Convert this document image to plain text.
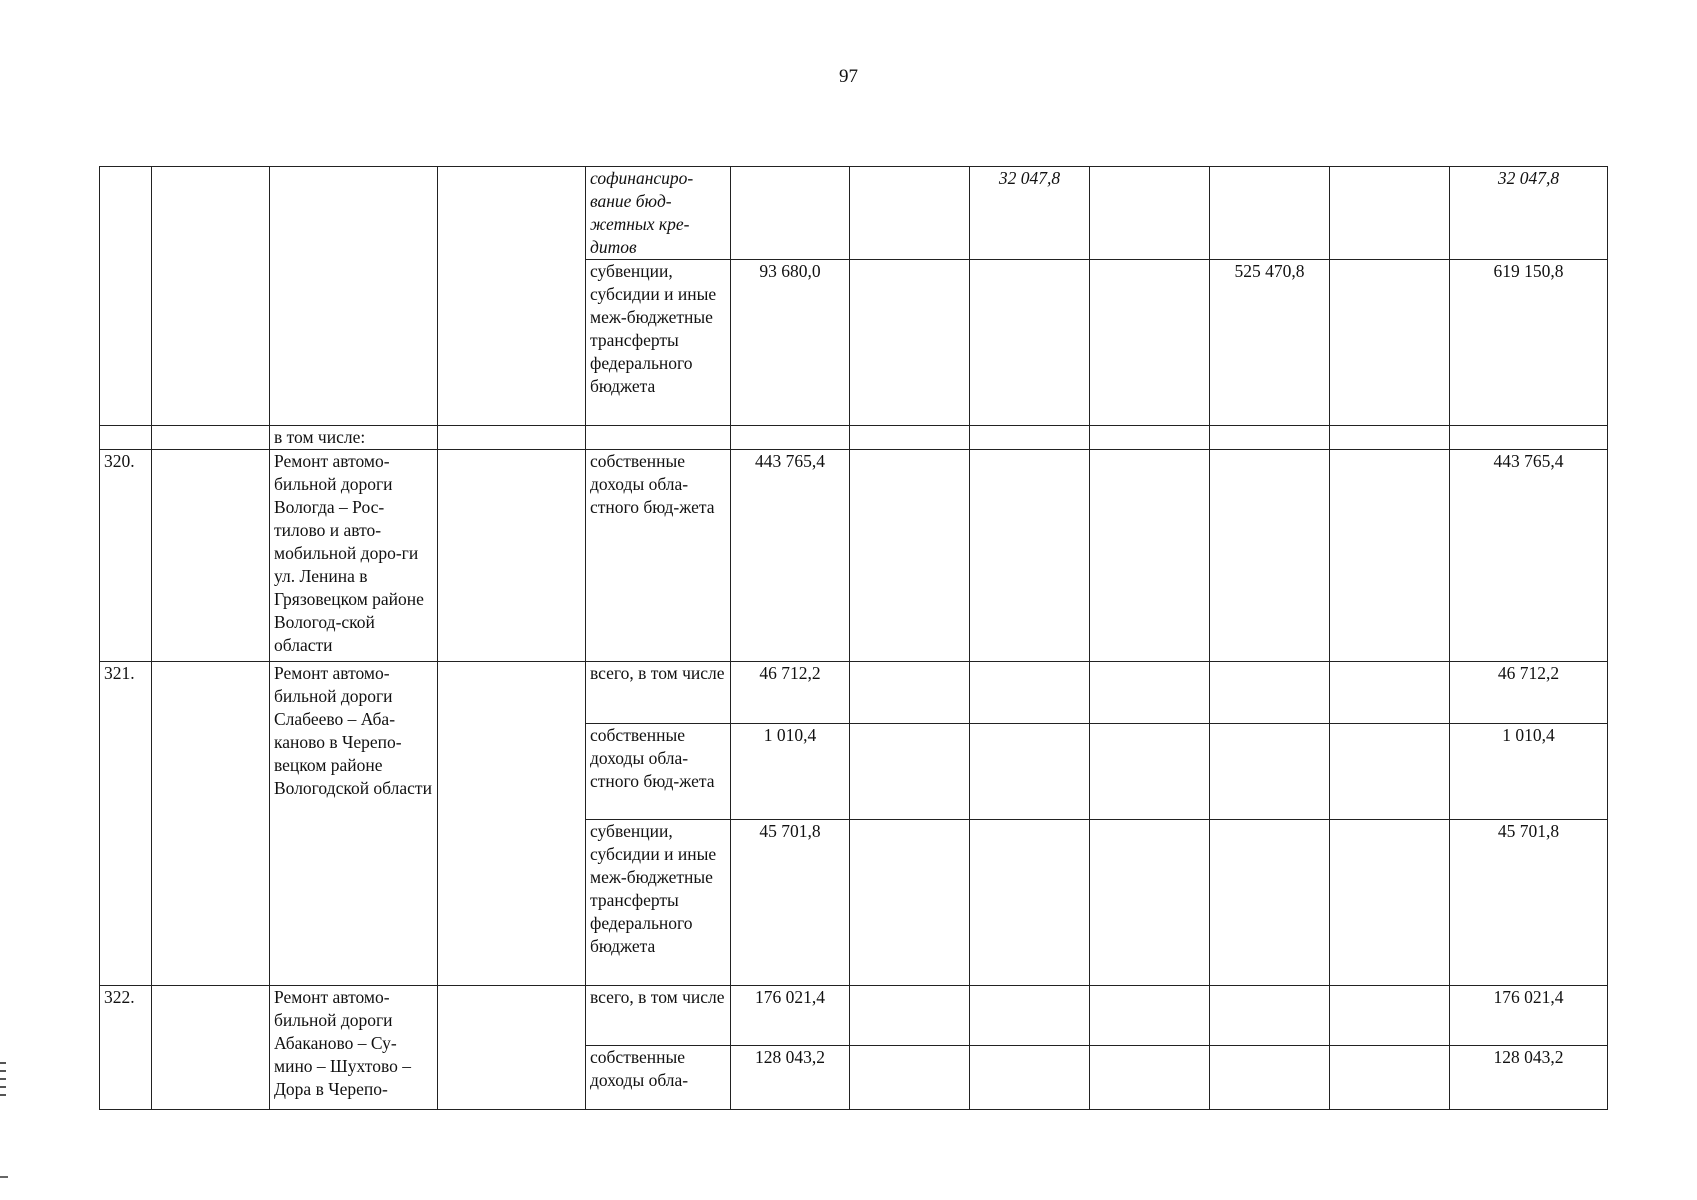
97
				софинансиро-вание бюд-жетных кре-дитов			32 047,8				32 047,8
				субвенции, субсидии и иные меж-бюджетные трансферты федерального бюджета	93 680,0				525 470,8		619 150,8
		в том числе:									
320.		Ремонт автомо-бильной дороги Вологда – Рос-тилово и авто-мобильной доро-ги ул. Ленина в Грязовецком районе Вологод-ской области		собственные доходы обла-стного бюд-жета	443 765,4						443 765,4
321.		Ремонт автомо-бильной дороги Слабеево – Аба-каново в Черепо-вецком районе Вологодской области		всего, в том числе	46 712,2						46 712,2
				собственные доходы обла-стного бюд-жета	1 010,4						1 010,4
				субвенции, субсидии и иные меж-бюджетные трансферты федерального бюджета	45 701,8						45 701,8
322.		Ремонт автомо-бильной дороги Абаканово – Су-мино – Шухтово – Дора в Черепо-		всего, в том числе	176 021,4						176 021,4
				собственные доходы обла-	128 043,2						128 043,2
